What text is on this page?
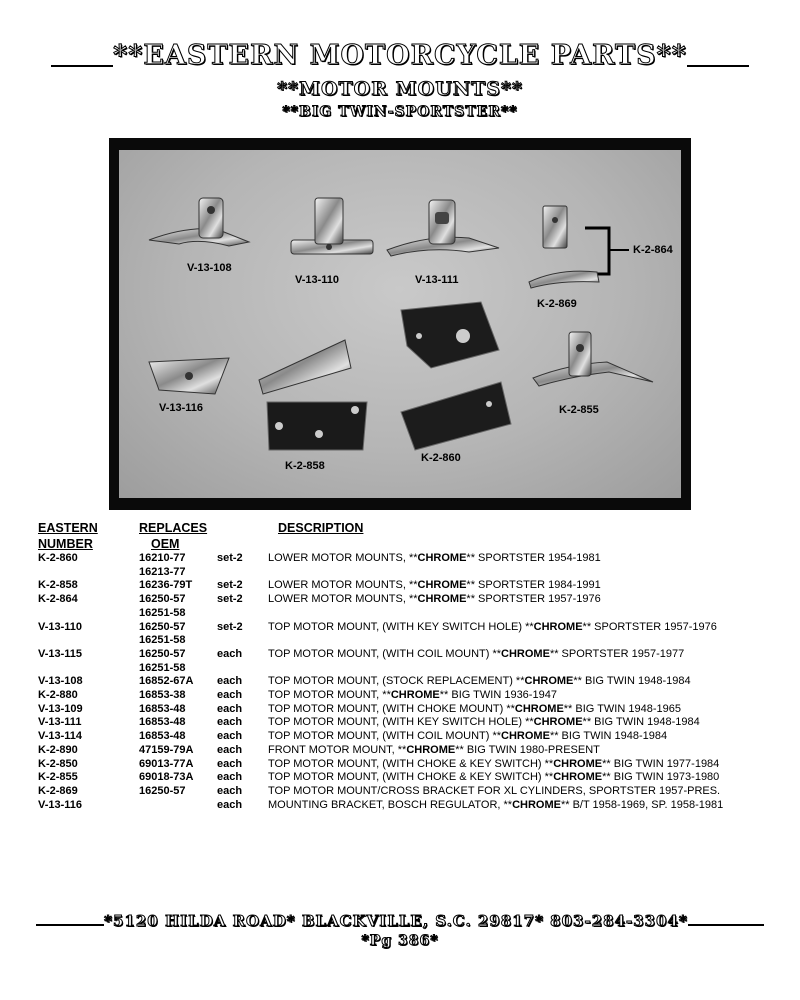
**EASTERN MOTORCYCLE PARTS**
**MOTOR MOUNTS**
**BIG TWIN-SPORTSTER**
V-13-108
V-13-110	V-13-111
K-2-864
K-2-869
V-13-116
K-2-858
K-2-860
K-2-855
EASTERN	REPLACES		DESCRIPTION
NUMBER	OEM		
K-2-860	16210-77	set-2	LOWER MOTOR MOUNTS, **CHROME** SPORTSTER 1954-1981
	16213-77		
K-2-858	16236-79T	set-2	LOWER MOTOR MOUNTS, **CHROME** SPORTSTER 1984-1991
K-2-864	16250-57	set-2	LOWER MOTOR MOUNTS, **CHROME** SPORTSTER 1957-1976
	16251-58		
V-13-110	16250-57	set-2	TOP MOTOR MOUNT, (WITH KEY SWITCH HOLE) **CHROME** SPORTSTER 1957-1976
	16251-58		
V-13-115	16250-57	each	TOP MOTOR MOUNT, (WITH COIL MOUNT) **CHROME** SPORTSTER 1957-1977
	16251-58		
V-13-108	16852-67A	each	TOP MOTOR MOUNT, (STOCK REPLACEMENT) **CHROME** BIG TWIN 1948-1984
K-2-880	16853-38	each	TOP MOTOR MOUNT, **CHROME** BIG TWIN 1936-1947
V-13-109	16853-48	each	TOP MOTOR MOUNT, (WITH CHOKE MOUNT) **CHROME** BIG TWIN 1948-1965
V-13-111	16853-48	each	TOP MOTOR MOUNT, (WITH KEY SWITCH HOLE) **CHROME** BIG TWIN 1948-1984
V-13-114	16853-48	each	TOP MOTOR MOUNT, (WITH COIL MOUNT) **CHROME** BIG TWIN 1948-1984
K-2-890	47159-79A	each	FRONT MOTOR MOUNT, **CHROME** BIG TWIN 1980-PRESENT
K-2-850	69013-77A	each	TOP MOTOR MOUNT, (WITH CHOKE & KEY SWITCH) **CHROME** BIG TWIN 1977-1984
K-2-855	69018-73A	each	TOP MOTOR MOUNT, (WITH CHOKE & KEY SWITCH) **CHROME** BIG TWIN 1973-1980
K-2-869	16250-57	each	TOP MOTOR MOUNT/CROSS BRACKET FOR XL CYLINDERS, SPORTSTER 1957-PRES.
V-13-116		each	MOUNTING BRACKET, BOSCH REGULATOR, **CHROME** B/T 1958-1969, SP. 1958-1981
*5120 HILDA ROAD* BLACKVILLE, S.C. 29817* 803-284-3304*
*Pg 386*
